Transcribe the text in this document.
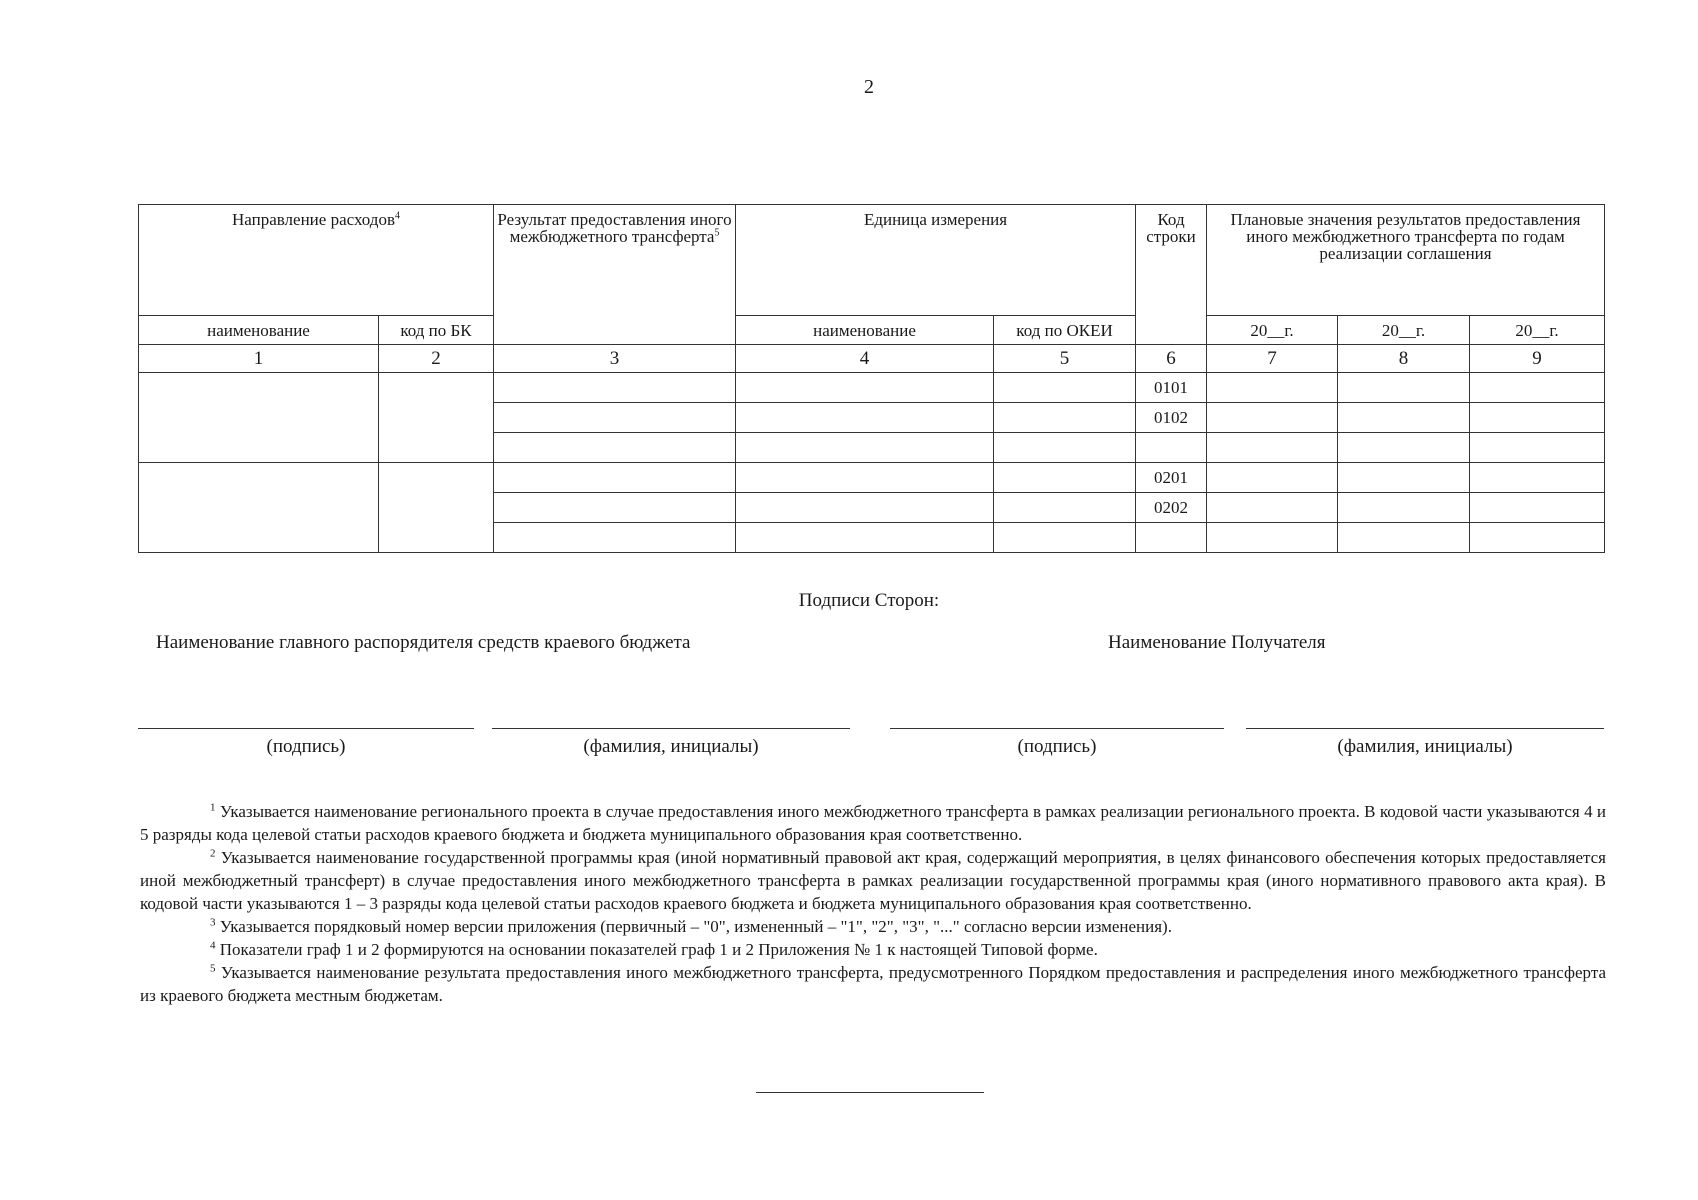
2
Направление расходов$^4$		Результат предоставления иного межбюджетного трансферта$^5$	Единица измерения		Код строки	Плановые значения результатов предоставления иного межбюджетного трансферта по годам реализации соглашения		
наименование	код по БК		наименование	код по ОКЕИ		20__г.	20__г.	20__г.
1	2	3	4	5	6	7	8	9
					0101			
					0102			

					0201			
					0202			

Подписи Сторон:
Наименование главного распорядителя средств краевого бюджета	Наименование Получателя
(подпись)	(фамилия, инициалы)	(подпись)	(фамилия, инициалы)

$^1$ Указывается наименование регионального проекта в случае предоставления иного межбюджетного трансферта в рамках реализации регионального проекта. В кодовой части указываются 4 и 5 разряды кода целевой статьи расходов краевого бюджета и бюджета муниципального образования края соответственно.

$^2$ Указывается наименование государственной программы края (иной нормативный правовой акт края, содержащий мероприятия, в целях финансового обеспечения которых предоставляется иной межбюджетный трансферт) в случае предоставления иного межбюджетного трансферта в рамках реализации государственной программы края (иного нормативного правового акта края). В кодовой части указываются 1 – 3 разряды кода целевой статьи расходов краевого бюджета и бюджета муниципального образования края соответственно.

$^3$ Указывается порядковый номер версии приложения (первичный – "0", измененный – "1", "2", "3", "..." согласно версии изменения).

$^4$ Показатели граф 1 и 2 формируются на основании показателей граф 1 и 2 Приложения № 1 к настоящей Типовой форме.

$^5$ Указывается наименование результата предоставления иного межбюджетного трансферта, предусмотренного Порядком предоставления и распределения иного межбюджетного трансферта из краевого бюджета местным бюджетам.
